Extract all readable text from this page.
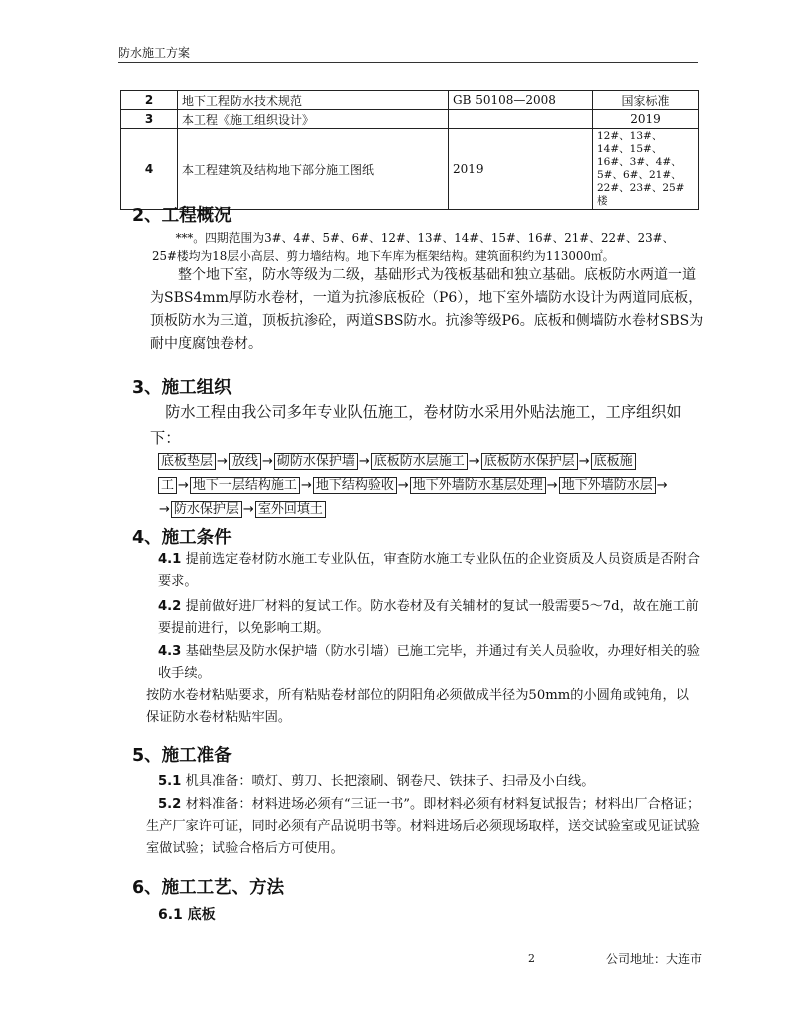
防水施工方案
2	地下工程防水技术规范	GB 50108—2008	国家标准
3	本工程《施工组织设计》		2019
4	本工程建筑及结构地下部分施工图纸	2019	12#、13#、14#、15#、16#、3#、4#、5#、6#、21#、22#、23#、25#楼
2、工程概况
***。四期范围为3#、4#、5#、6#、12#、13#、14#、15#、16#、21#、22#、23#、25#楼均为18层小高层、剪力墙结构。地下车库为框架结构。建筑面积约为113000㎡。
整个地下室，防水等级为二级，基础形式为筏板基础和独立基础。底板防水两道一道为SBS4mm厚防水卷材，一道为抗渗底板砼（P6），地下室外墙防水设计为两道同底板，顶板防水为三道，顶板抗渗砼，两道SBS防水。抗渗等级P6。底板和侧墙防水卷材SBS为耐中度腐蚀卷材。
3、施工组织
防水工程由我公司多年专业队伍施工，卷材防水采用外贴法施工，工序组织如下：
底板垫层 → 放线 → 砌防水保护墙 → 底板防水层施工 → 底板防水保护层 → 底板施
工 → 地下一层结构施工 → 地下结构验收 → 地下外墙防水基层处理 → 地下外墙防水层 →
→ 防水保护层 → 室外回填土
4、施工条件
4.1 提前选定卷材防水施工专业队伍，审查防水施工专业队伍的企业资质及人员资质是否附合要求。
4.2 提前做好进厂材料的复试工作。防水卷材及有关辅材的复试一般需要5～7d，故在施工前要提前进行，以免影响工期。
4.3 基础垫层及防水保护墙（防水引墙）已施工完毕，并通过有关人员验收，办理好相关的验收手续。
按防水卷材粘贴要求，所有粘贴卷材部位的阴阳角必须做成半径为50mm的小圆角或钝角，以保证防水卷材粘贴牢固。
5、施工准备
5.1 机具准备：喷灯、剪刀、长把滚刷、钢卷尺、铁抹子、扫帚及小白线。
5.2 材料准备：材料进场必须有“三证一书”。即材料必须有材料复试报告；材料出厂合格证；生产厂家许可证，同时必须有产品说明书等。材料进场后必须现场取样，送交试验室或见证试验室做试验；试验合格后方可使用。
6、施工工艺、方法
6.1 底板
2	公司地址：大连市
